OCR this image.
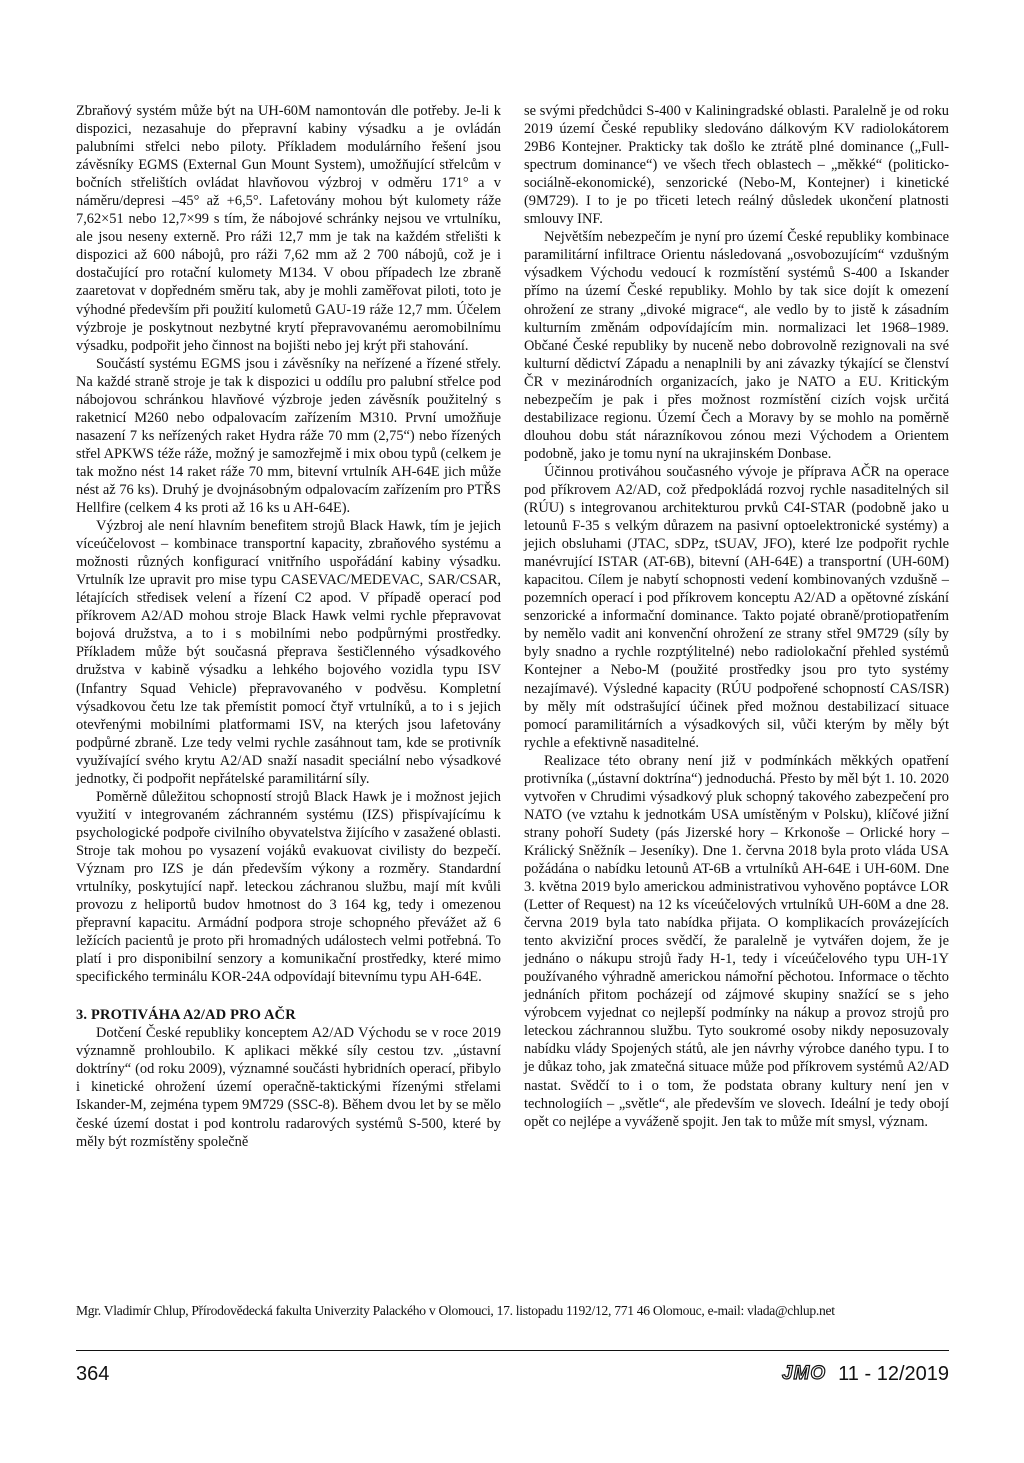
Zbraňový systém může být na UH-60M namontován dle potřeby. Je-li k dispozici, nezasahuje do přepravní kabiny výsadku a je ovládán palubními střelci nebo piloty. Příkladem modulárního řešení jsou závěsníky EGMS (External Gun Mount System), umožňující střelcům v bočních střelištích ovládat hlavňovou výzbroj v odměru 171° a v náměru/depresi –45° až +6,5°. Lafetovány mohou být kulomety ráže 7,62×51 nebo 12,7×99 s tím, že nábojové schránky nejsou ve vrtulníku, ale jsou neseny externě. Pro ráži 12,7 mm je tak na každém střelišti k dispozici až 600 nábojů, pro ráži 7,62 mm až 2 700 nábojů, což je i dostačující pro rotační kulomety M134. V obou případech lze zbraně zaaretovat v dopředném směru tak, aby je mohli zaměřovat piloti, toto je výhodné především při použití kulometů GAU-19 ráže 12,7 mm. Účelem výzbroje je poskytnout nezbytné krytí přepravovanému aeromobilnímu výsadku, podpořit jeho činnost na bojišti nebo jej krýt při stahování.

Součástí systému EGMS jsou i závěsníky na neřízené a řízené střely. Na každé straně stroje je tak k dispozici u oddílu pro palubní střelce pod nábojovou schránkou hlavňové výzbroje jeden závěsník použitelný s raketnicí M260 nebo odpalovacím zařízením M310. První umožňuje nasazení 7 ks neřízených raket Hydra ráže 70 mm (2,75“) nebo řízených střel APKWS téže ráže, možný je samozřejmě i mix obou typů (celkem je tak možno nést 14 raket ráže 70 mm, bitevní vrtulník AH-64E jich může nést až 76 ks). Druhý je dvojnásobným odpalovacím zařízením pro PTŘS Hellfire (celkem 4 ks proti až 16 ks u AH-64E).

Výzbroj ale není hlavním benefitem strojů Black Hawk, tím je jejich víceúčelovost – kombinace transportní kapacity, zbraňového systému a možnosti různých konfigurací vnitřního uspořádání kabiny výsadku. Vrtulník lze upravit pro mise typu CASEVAC/MEDEVAC, SAR/CSAR, létajících středisek velení a řízení C2 apod. V případě operací pod příkrovem A2/AD mohou stroje Black Hawk velmi rychle přepravovat bojová družstva, a to i s mobilními nebo podpůrnými prostředky. Příkladem může být současná přeprava šestičlenného výsadkového družstva v kabině výsadku a lehkého bojového vozidla typu ISV (Infantry Squad Vehicle) přepravovaného v podvěsu. Kompletní výsadkovou četu lze tak přemístit pomocí čtyř vrtulníků, a to i s jejich otevřenými mobilními platformami ISV, na kterých jsou lafetovány podpůrné zbraně. Lze tedy velmi rychle zasáhnout tam, kde se protivník využívající svého krytu A2/AD snaží nasadit speciální nebo výsadkové jednotky, či podpořit nepřátelské paramilitární síly.

Poměrně důležitou schopností strojů Black Hawk je i možnost jejich využití v integrovaném záchranném systému (IZS) přispívajícímu k psychologické podpoře civilního obyvatelstva žijícího v zasažené oblasti. Stroje tak mohou po vysazení vojáků evakuovat civilisty do bezpečí. Význam pro IZS je dán především výkony a rozměry. Standardní vrtulníky, poskytující např. leteckou záchranou službu, mají mít kvůli provozu z heliportů budov hmotnost do 3 164 kg, tedy i omezenou přepravní kapacitu. Armádní podpora stroje schopného převážet až 6 ležících pacientů je proto při hromadných událostech velmi potřebná. To platí i pro disponibilní senzory a komunikační prostředky, které mimo specifického terminálu KOR-24A odpovídají bitevnímu typu AH-64E.

3. PROTIVÁHA A2/AD PRO AČR

Dotčení České republiky konceptem A2/AD Východu se v roce 2019 významně prohloubilo. K aplikaci měkké síly cestou tzv. „ústavní doktríny“ (od roku 2009), významné součásti hybridních operací, přibylo i kinetické ohrožení území operačně-taktickými řízenými střelami Iskander-M, zejména typem 9M729 (SSC-8). Během dvou let by se mělo české území dostat i pod kontrolu radarových systémů S-500, které by měly být rozmístěny společně

se svými předchůdci S-400 v Kaliningradské oblasti. Paralelně je od roku 2019 území České republiky sledováno dálkovým KV radiolokátorem 29B6 Kontejner. Prakticky tak došlo ke ztrátě plné dominance („Full-spectrum dominance“) ve všech třech oblastech – „měkké“ (politicko-sociálně-ekonomické), senzorické (Nebo-M, Kontejner) i kinetické (9M729). I to je po třiceti letech reálný důsledek ukončení platnosti smlouvy INF.

Největším nebezpečím je nyní pro území České republiky kombinace paramilitární infiltrace Orientu následovaná „osvobozujícím“ vzdušným výsadkem Východu vedoucí k rozmístění systémů S-400 a Iskander přímo na území České republiky. Mohlo by tak sice dojít k omezení ohrožení ze strany „divoké migrace“, ale vedlo by to jistě k zásadním kulturním změnám odpovídajícím min. normalizaci let 1968–1989. Občané České republiky by nuceně nebo dobrovolně rezignovali na své kulturní dědictví Západu a nenaplnili by ani závazky týkající se členství ČR v mezinárodních organizacích, jako je NATO a EU. Kritickým nebezpečím je pak i přes možnost rozmístění cizích vojsk určitá destabilizace regionu. Území Čech a Moravy by se mohlo na poměrně dlouhou dobu stát nárazníkovou zónou mezi Východem a Orientem podobně, jako je tomu nyní na ukrajinském Donbase.

Účinnou protiváhou současného vývoje je příprava AČR na operace pod příkrovem A2/AD, což předpokládá rozvoj rychle nasaditelných sil (RÚU) s integrovanou architekturou prvků C4I-STAR (podobně jako u letounů F-35 s velkým důrazem na pasivní optoelektronické systémy) a jejich obsluhami (JTAC, sDPz, tSUAV, JFO), které lze podpořit rychle manévrující ISTAR (AT-6B), bitevní (AH-64E) a transportní (UH-60M) kapacitou. Cílem je nabytí schopnosti vedení kombinovaných vzdušně – pozemních operací i pod příkrovem konceptu A2/AD a opětovné získání senzorické a informační dominance. Takto pojaté obraně/protiopatřením by nemělo vadit ani konvenční ohrožení ze strany střel 9M729 (síly by byly snadno a rychle rozptýlitelné) nebo radiolokační přehled systémů Kontejner a Nebo-M (použité prostředky jsou pro tyto systémy nezajímavé). Výsledné kapacity (RÚU podpořené schopností CAS/ISR) by měly mít odstrašující účinek před možnou destabilizací situace pomocí paramilitárních a výsadkových sil, vůči kterým by měly být rychle a efektivně nasaditelné.

Realizace této obrany není již v podmínkách měkkých opatření protivníka („ústavní doktrína“) jednoduchá. Přesto by měl být 1. 10. 2020 vytvořen v Chrudimi výsadkový pluk schopný takového zabezpečení pro NATO (ve vztahu k jednotkám USA umístěným v Polsku), klíčové jižní strany pohoří Sudety (pás Jizerské hory – Krkonoše – Orlické hory – Králický Sněžník – Jeseníky). Dne 1. června 2018 byla proto vláda USA požádána o nabídku letounů AT-6B a vrtulníků AH-64E i UH-60M. Dne 3. května 2019 bylo americkou administrativou vyhověno poptávce LOR (Letter of Request) na 12 ks víceúčelových vrtulníků UH-60M a dne 28. června 2019 byla tato nabídka přijata. O komplikacích provázejících tento akviziční proces svědčí, že paralelně je vytvářen dojem, že je jednáno o nákupu strojů řady H-1, tedy i víceúčelového typu UH-1Y používaného výhradně americkou námořní pěchotou. Informace o těchto jednáních přitom pocházejí od zájmové skupiny snažící se s jeho výrobcem vyjednat co nejlepší podmínky na nákup a provoz strojů pro leteckou záchrannou službu. Tyto soukromé osoby nikdy neposuzovaly nabídku vlády Spojených států, ale jen návrhy výrobce daného typu. I to je důkaz toho, jak zmatečná situace může pod příkrovem systémů A2/AD nastat. Svědčí to i o tom, že podstata obrany kultury není jen v technologiích – „světle“, ale především ve slovech. Ideální je tedy obojí opět co nejlépe a vyváženě spojit. Jen tak to může mít smysl, význam.

Mgr. Vladimír Chlup, Přírodovědecká fakulta Univerzity Palackého v Olomouci, 17. listopadu 1192/12, 771 46 Olomouc, e-mail: vlada@chlup.net
364	JMO 11 - 12/2019
